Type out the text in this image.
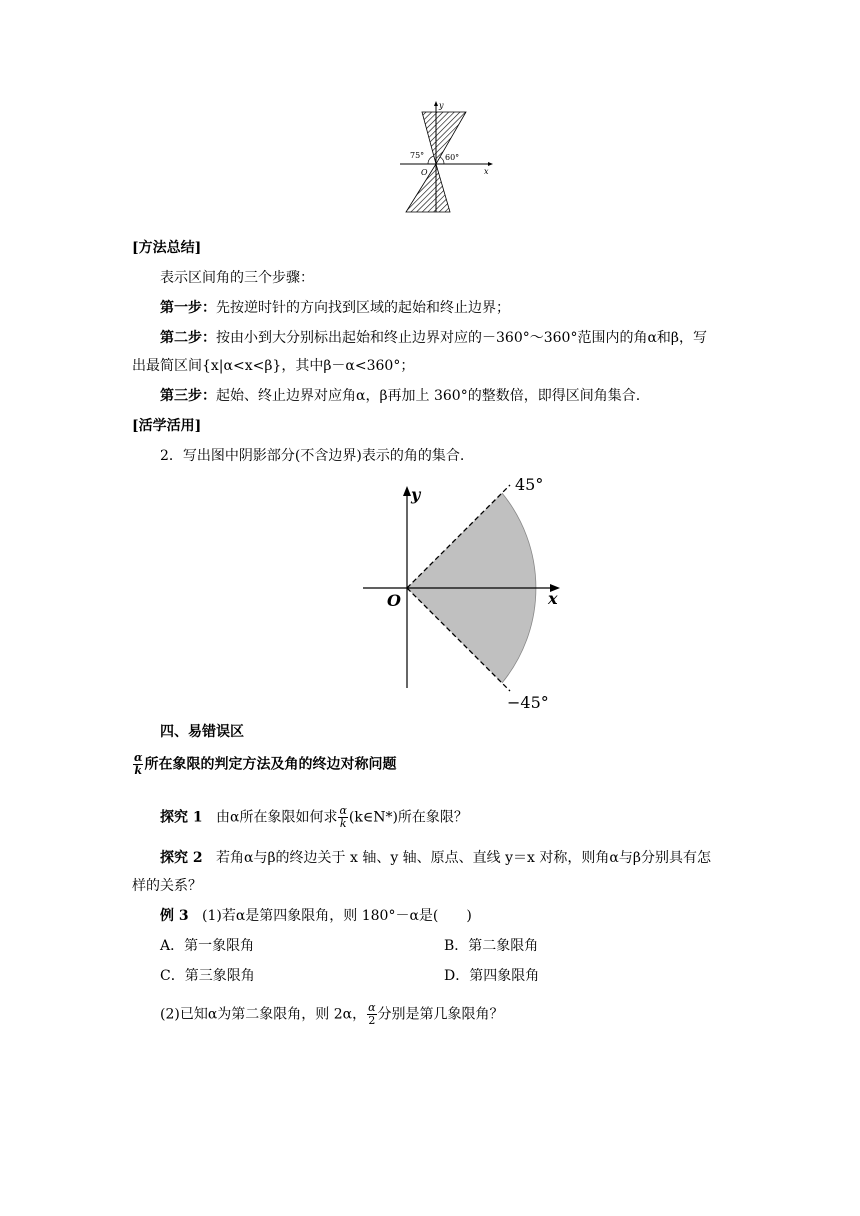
y
x
O
75°	60°
[方法总结]
表示区间角的三个步骤：
第一步：先按逆时针的方向找到区域的起始和终止边界；
第二步：按由小到大分别标出起始和终止边界对应的－360°～360°范围内的角α和β，写
出最简区间{x|α<x<β}，其中β－α<360°；
第三步：起始、终止边界对应角α，β再加上 360°的整数倍，即得区间角集合.
[活学活用]
2．写出图中阴影部分(不含边界)表示的角的集合.
y
x
O
45°
−45°
四、易错误区
$\frac{\alpha}{k}$ 所在象限的判定方法及角的终边对称问题
探究 1 由α所在象限如何求 $\frac{\alpha}{k}$ (k∈N*)所在象限？
探究 2 若角α与β的终边关于 x 轴、y 轴、原点、直线 y＝x 对称，则角α与β分别具有怎
样的关系？
例 3 (1)若α是第四象限角，则 180°－α是(　　)
A．第一象限角	B．第二象限角
C．第三象限角	D．第四象限角
(2)已知α为第二象限角，则 2α， $\frac{\alpha}{2}$ 分别是第几象限角？
